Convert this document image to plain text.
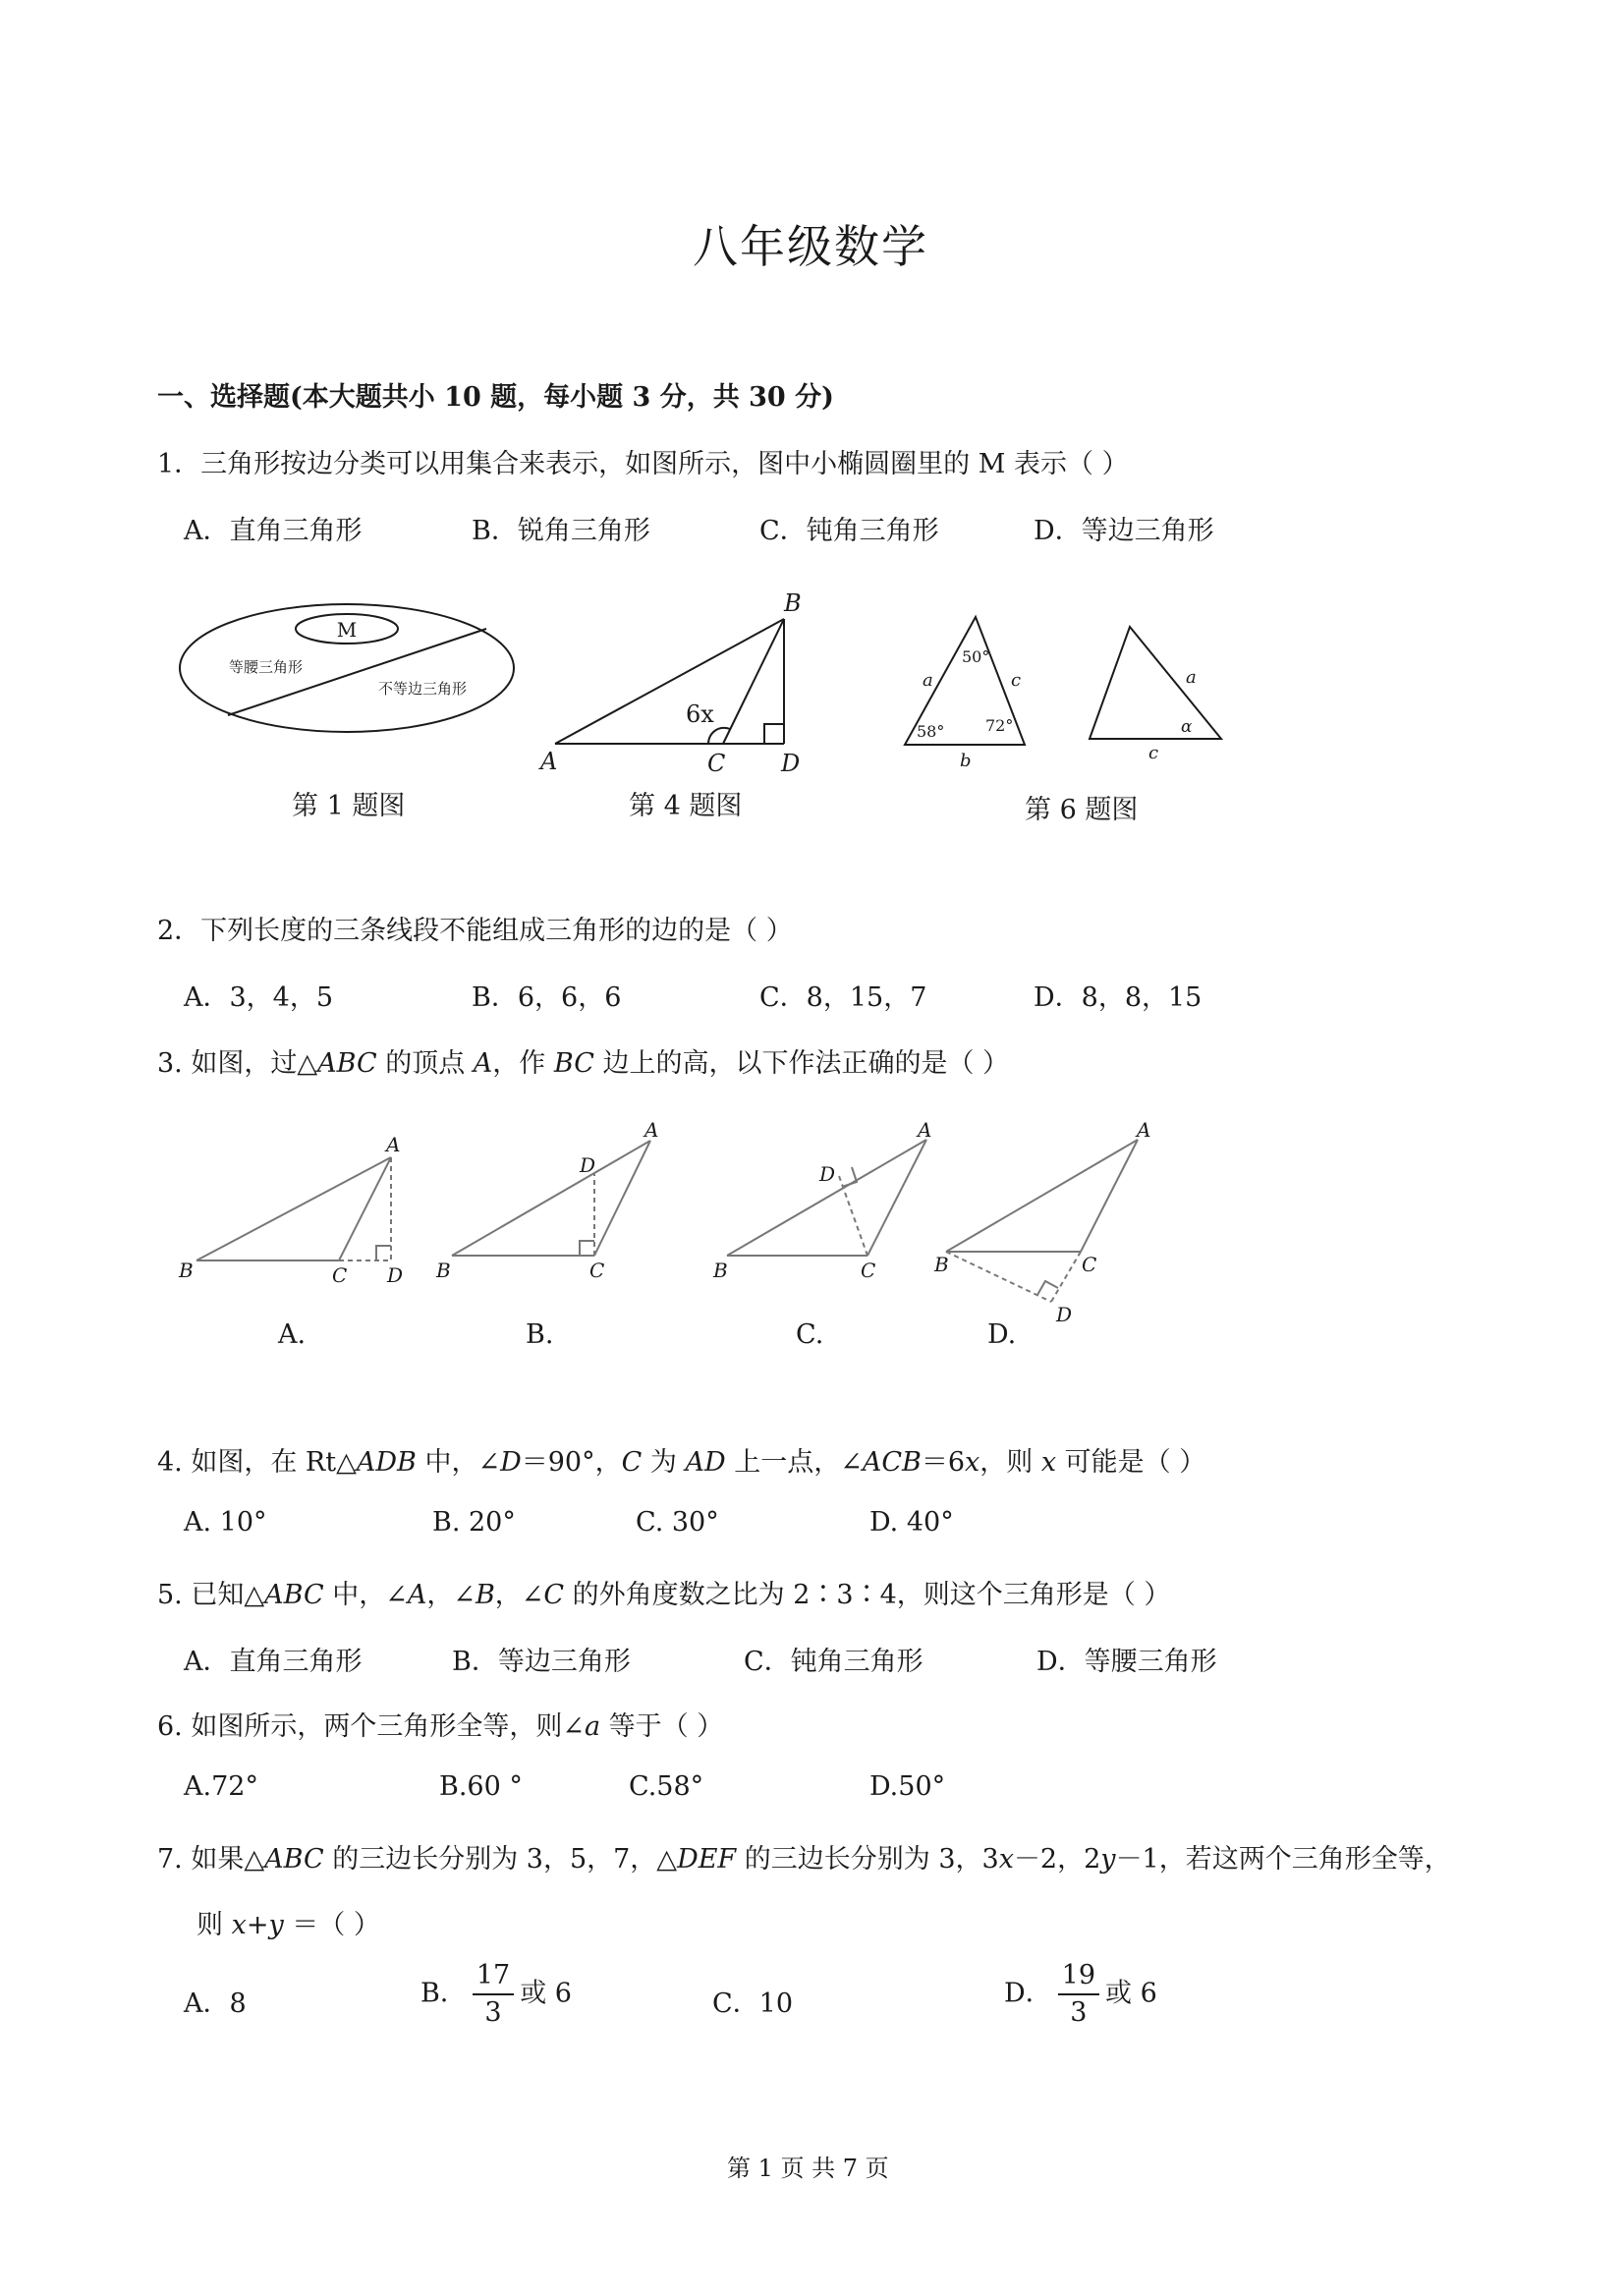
八年级数学
一、选择题(本大题共小 10 题，每小题 3 分，共 30 分)
1．三角形按边分类可以用集合来表示，如图所示，图中小椭圆圈里的 M 表示（ ）
A．直角三角形	B．锐角三角形	C．钝角三角形	D．等边三角形
M
等腰三角形
不等边三角形
第 1 题图
A
B
C D
6x
第 4 题图
50°
58°	72°
a	c
b
a
α
c
第 6 题图
2．下列长度的三条线段不能组成三角形的边的是（ ）
A．3，4，5	B．6，6，6	C．8，15，7	D．8，8，15
3. 如图，过△ABC 的顶点 A，作 BC 边上的高，以下作法正确的是（ ）
B	C
A
D
A.
B	C
A
D
B.
B	C
A
D
C.
B	C
A
D
D.
4. 如图，在 Rt△ADB 中，∠D＝90°，C 为 AD 上一点，∠ACB＝6x，则 x 可能是（ ）
A. 10°	B. 20°	C. 30°	D. 40°
5. 已知△ABC 中，∠A，∠B，∠C 的外角度数之比为 2∶3∶4，则这个三角形是（ ）
A．直角三角形	B．等边三角形	C．钝角三角形	D．等腰三角形
6. 如图所示，两个三角形全等，则∠a 等于（ ）
A.72°	B.60 °	C.58°	D.50°
7. 如果△ABC 的三边长分别为 3，5，7，△DEF 的三边长分别为 3，3x－2，2y－1，若这两个三角形全等，
则 x+y ＝（ ）
A．8	B． $\frac{17}{3}$ 或 6	C．10	D． $\frac{19}{3}$ 或 6
第 1 页 共 7 页
